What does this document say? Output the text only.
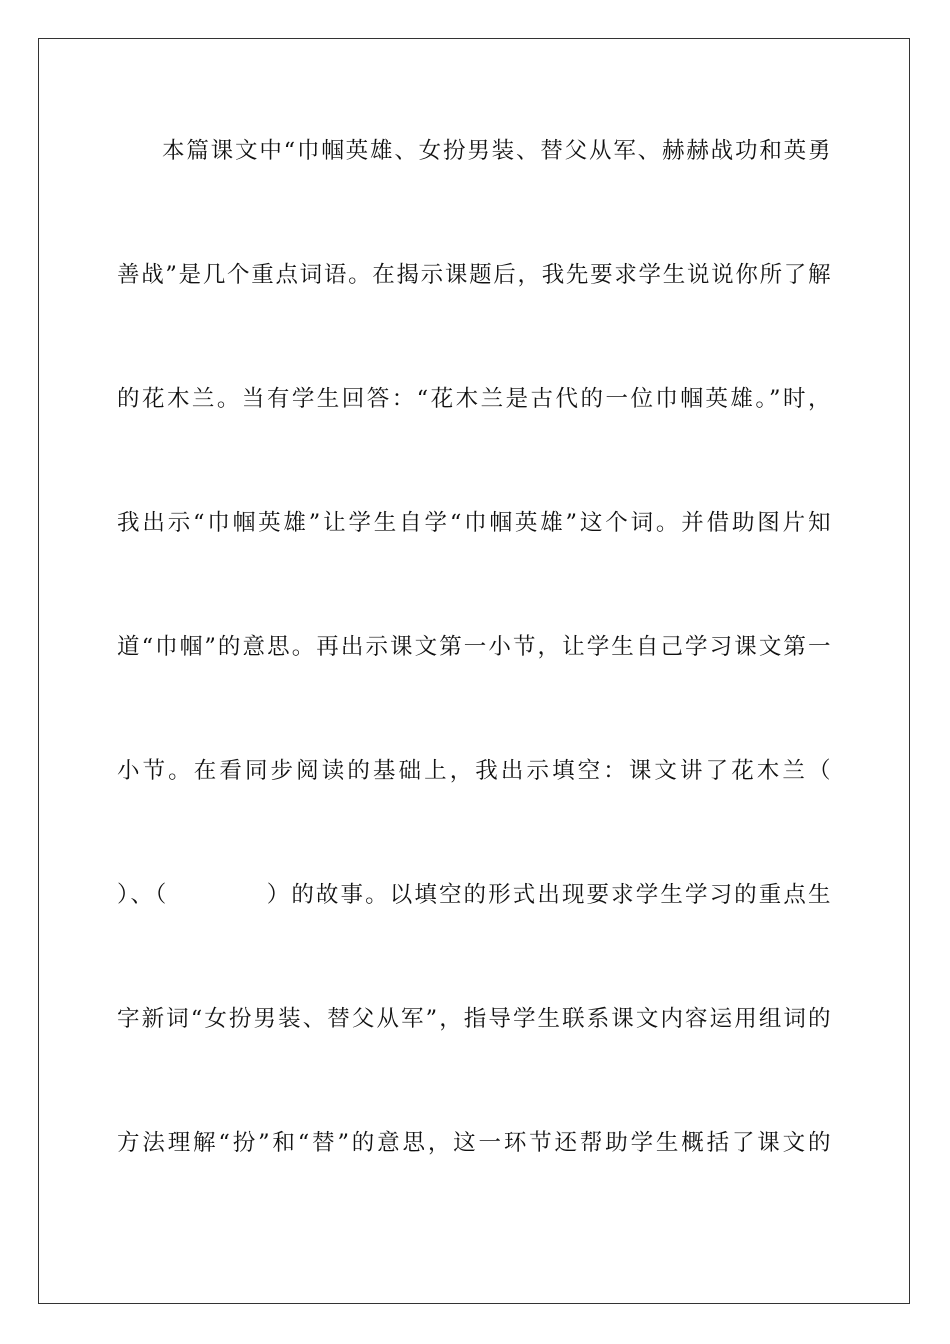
本篇课文中“巾帼英雄、女扮男装、替父从军、赫赫战功和英勇
善战”是几个重点词语。在揭示课题后，我先要求学生说说你所了解
的花木兰。当有学生回答：“花木兰是古代的一位巾帼英雄。”时，
我出示“巾帼英雄”让学生自学“巾帼英雄”这个词。并借助图片知
道“巾帼”的意思。再出示课文第一小节，让学生自己学习课文第一
小节。在看同步阅读的基础上，我出示填空：课文讲了花木兰（
）、（　　　　）的故事。以填空的形式出现要求学生学习的重点生
字新词“女扮男装、替父从军”，指导学生联系课文内容运用组词的
方法理解“扮”和“替”的意思，这一环节还帮助学生概括了课文的
